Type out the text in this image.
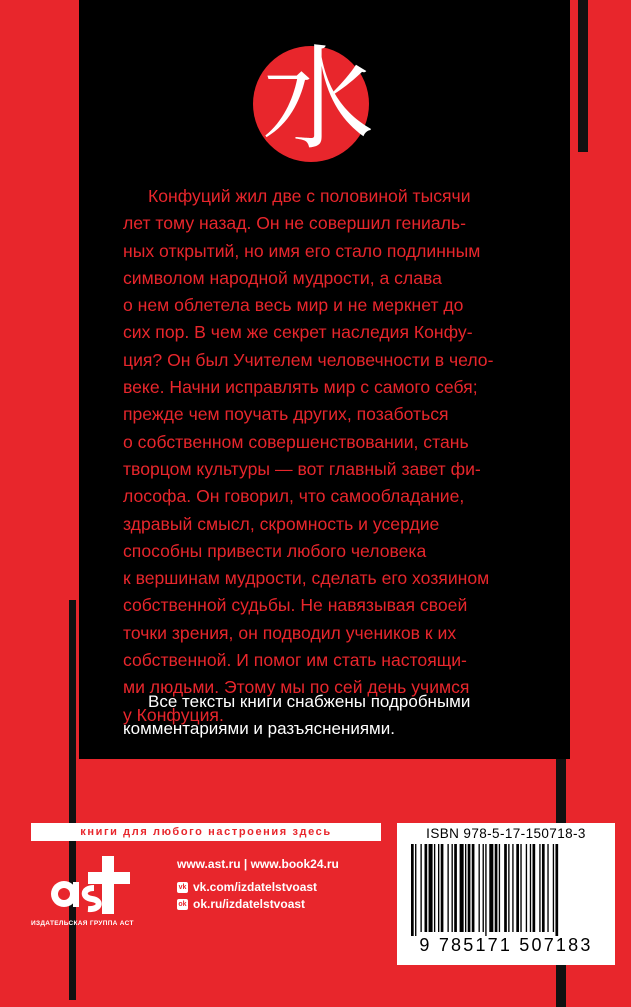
水
Конфуций жил две с половиной тысячи
лет тому назад. Он не совершил гениаль-
ных открытий, но имя его стало подлинным
символом народной мудрости, а слава
о нем облетела весь мир и не меркнет до
сих пор. В чем же секрет наследия Конфу-
ция? Он был Учителем человечности в чело-
веке. Начни исправлять мир с самого себя;
прежде чем поучать других, позаботься
о собственном совершенствовании, стань
творцом культуры — вот главный завет фи-
лософа. Он говорил, что самообладание,
здравый смысл, скромность и усердие
способны привести любого человека
к вершинам мудрости, сделать его хозяином
собственной судьбы. Не навязывая своей
точки зрения, он подводил учеников к их
собственной. И помог им стать настоящи-
ми людьми. Этому мы по сей день учимся
у Конфуция.
Все тексты книги снабжены подробными
комментариями и разъяснениями.
книги для любого настроения здесь
ИЗДАТЕЛЬСКАЯ ГРУППА АСТ
www.ast.ru | www.book24.ru
vk vk.com/izdatelstvoast
ok ok.ru/izdatelstvoast
ISBN 978-5-17-150718-3
9 785171 507183
